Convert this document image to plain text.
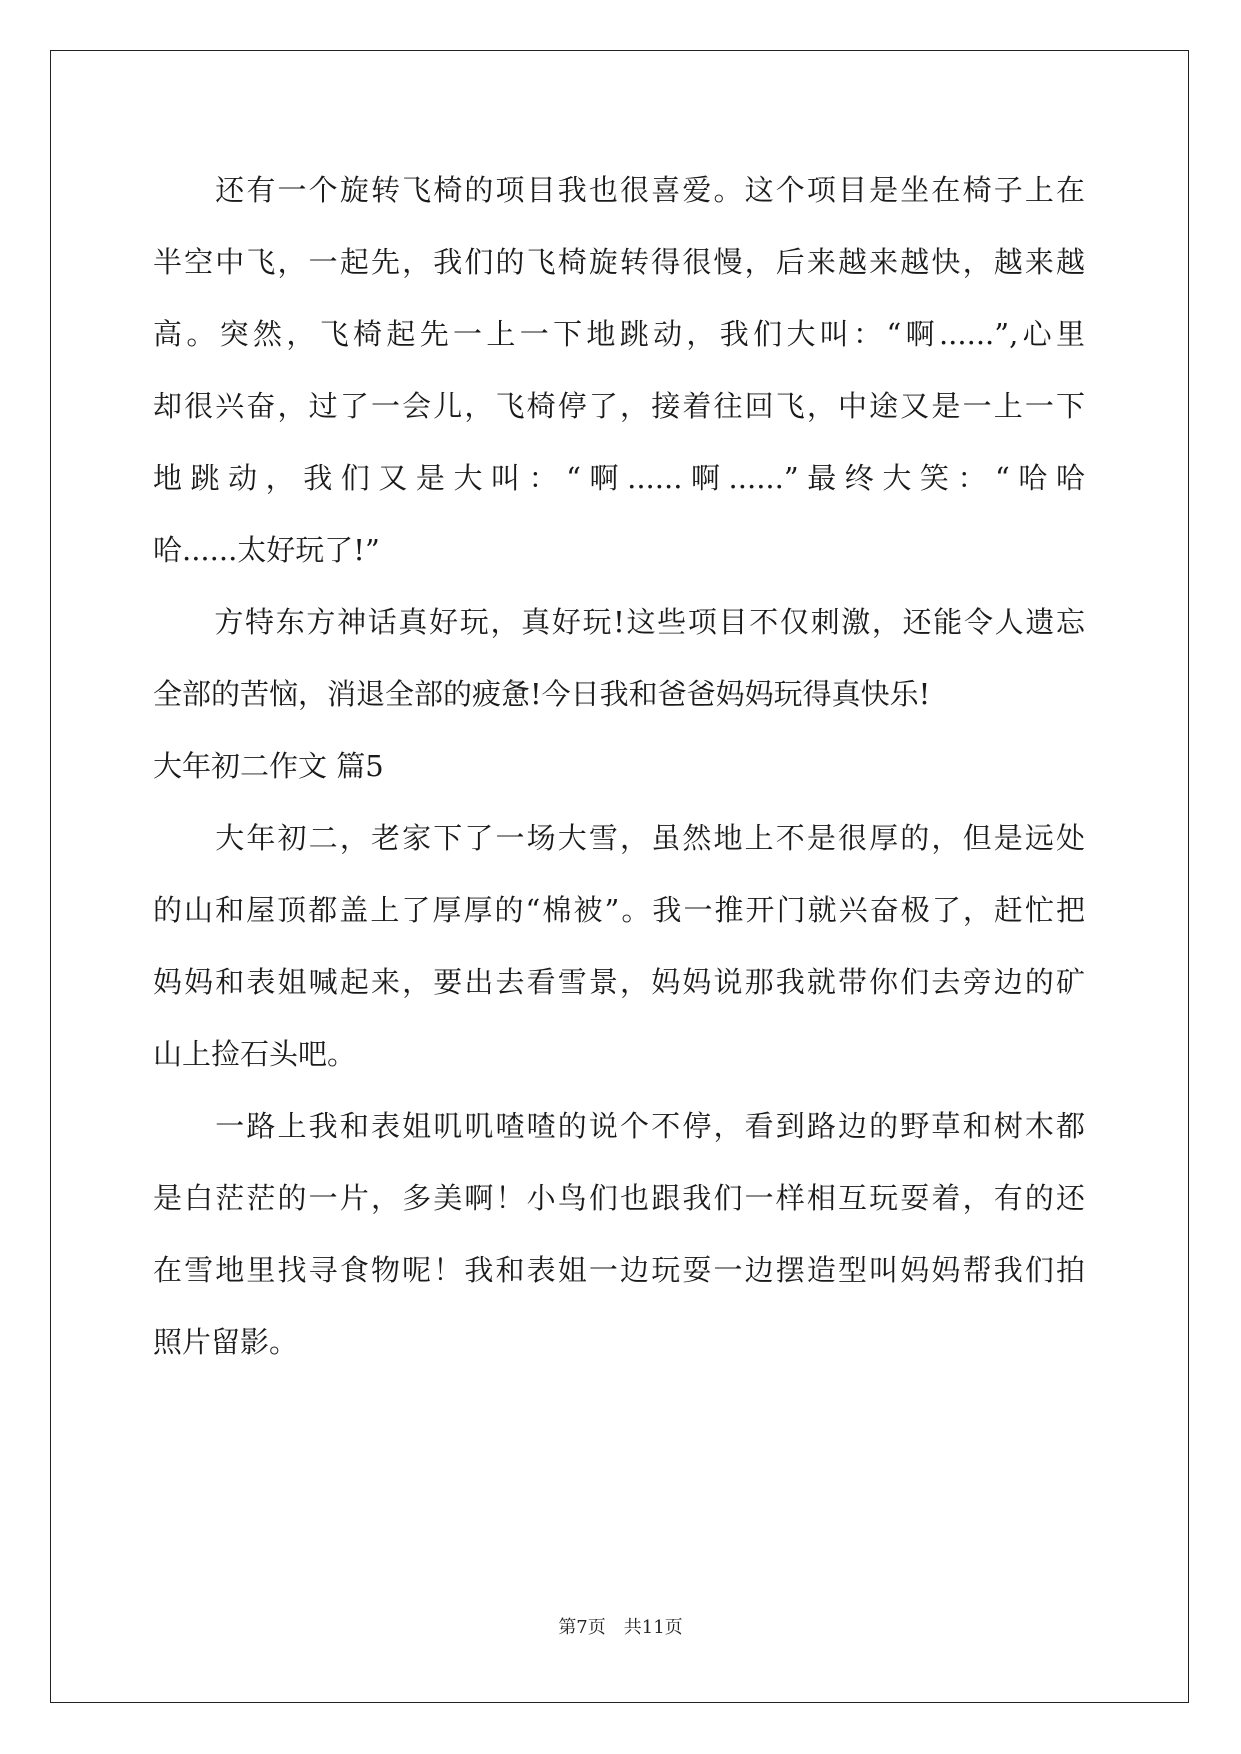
　　还有一个旋转飞椅的项目我也很喜爱。这个项目是坐在椅子上在
半空中飞，一起先，我们的飞椅旋转得很慢，后来越来越快，越来越
高。突然，飞椅起先一上一下地跳动，我们大叫：“啊......”,心里
却很兴奋，过了一会儿，飞椅停了，接着往回飞，中途又是一上一下
地跳动，我们又是大叫：“啊......啊......”最终大笑：“哈哈
哈......太好玩了!”
　　方特东方神话真好玩，真好玩!这些项目不仅刺激，还能令人遗忘
全部的苦恼，消退全部的疲惫!今日我和爸爸妈妈玩得真快乐!
大年初二作文 篇5
　　大年初二，老家下了一场大雪，虽然地上不是很厚的，但是远处
的山和屋顶都盖上了厚厚的“棉被”。我一推开门就兴奋极了，赶忙把
妈妈和表姐喊起来，要出去看雪景，妈妈说那我就带你们去旁边的矿
山上捡石头吧。
　　一路上我和表姐叽叽喳喳的说个不停，看到路边的野草和树木都
是白茫茫的一片，多美啊！小鸟们也跟我们一样相互玩耍着，有的还
在雪地里找寻食物呢！我和表姐一边玩耍一边摆造型叫妈妈帮我们拍
照片留影。
第7页　共11页
